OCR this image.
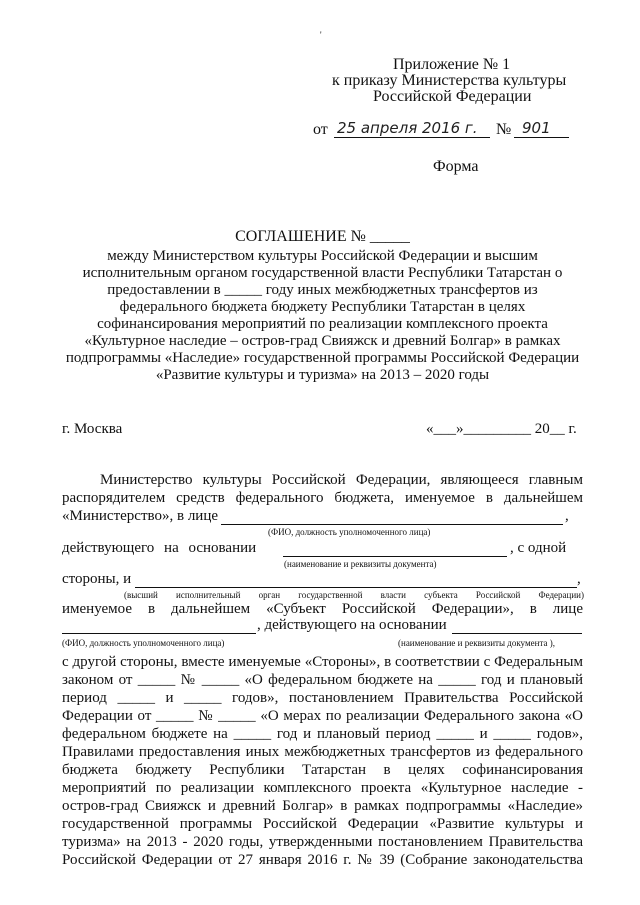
'
Приложение № 1
к приказу Министерства культуры
Российской Федерации
от 25 апреля 2016 г. № 901
Форма
СОГЛАШЕНИЕ № _____
между Министерством культуры Российской Федерации и высшим
исполнительным органом государственной власти Республики Татарстан о
предоставлении в _____ году иных межбюджетных трансфертов из
федерального бюджета бюджету Республики Татарстан в целях
софинансирования мероприятий по реализации комплексного проекта
«Культурное наследие – остров-град Свияжск и древний Болгар» в рамках
подпрограммы «Наследие» государственной программы Российской Федерации
«Развитие культуры и туризма» на 2013 – 2020 годы
г. Москва	«___»_________ 20__ г.
Министерство культуры Российской Федерации, являющееся главным
распорядителем средств федерального бюджета, именуемое в дальнейшем
«Министерство», в лице	,
(ФИО, должность уполномоченного лица)
действующего на основании	, с одной
(наименование и реквизиты документа)
стороны, и	,
(высший исполнительный орган государственной власти субъекта Российской Федерации)
именуемое в дальнейшем «Субъект Российской Федерации», в лице
, действующего на основании
(ФИО, должность уполномоченного лица)	(наименование и реквизиты документа ),
с другой стороны, вместе именуемые «Стороны», в соответствии с Федеральным
законом от _____ № _____ «О федеральном бюджете на _____ год и плановый
период _____ и _____ годов», постановлением Правительства Российской
Федерации от _____ № _____ «О мерах по реализации Федерального закона «О
федеральном бюджете на _____ год и плановый период _____ и _____ годов»,
Правилами предоставления иных межбюджетных трансфертов из федерального
бюджета бюджету Республики Татарстан в целях софинансирования
мероприятий по реализации комплексного проекта «Культурное наследие -
остров-град Свияжск и древний Болгар» в рамках подпрограммы «Наследие»
государственной программы Российской Федерации «Развитие культуры и
туризма» на 2013 - 2020 годы, утвержденными постановлением Правительства
Российской Федерации от 27 января 2016 г. № 39 (Собрание законодательства
